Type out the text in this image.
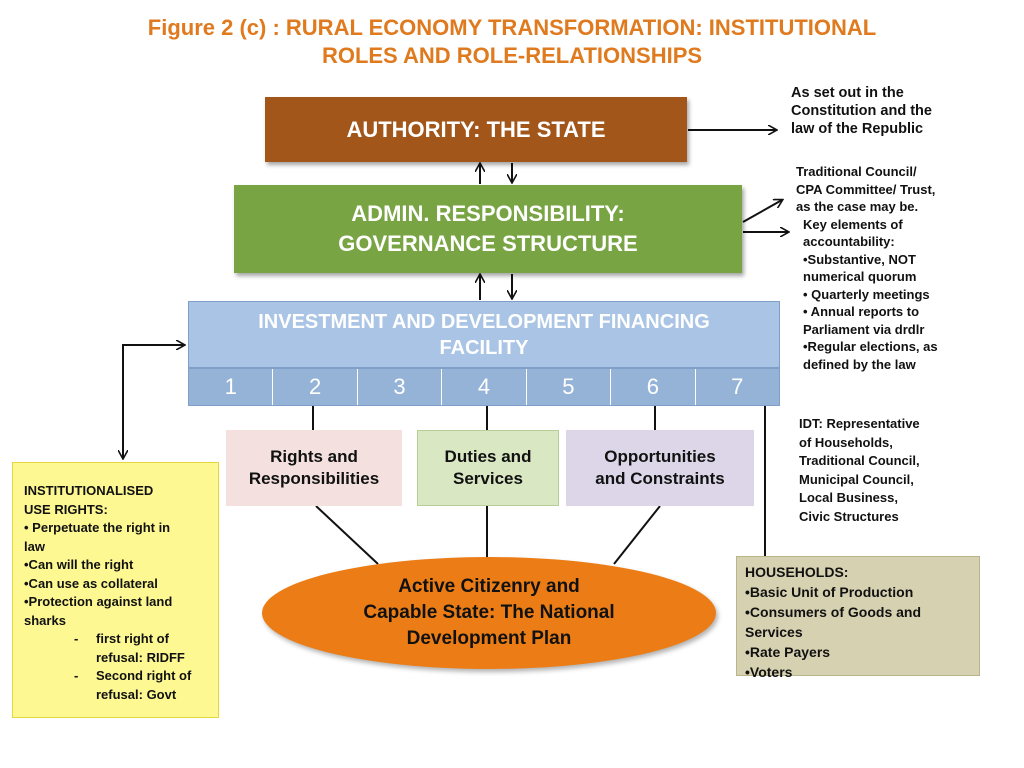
Figure 2 (c) : RURAL ECONOMY TRANSFORMATION: INSTITUTIONAL
ROLES AND ROLE-RELATIONSHIPS
AUTHORITY: THE STATE
ADMIN. RESPONSIBILITY:
GOVERNANCE STRUCTURE
INVESTMENT AND DEVELOPMENT FINANCING
FACILITY
1	2	3	4	5	6	7
Rights and
Responsibilities
Duties and
Services
Opportunities
and Constraints
Active Citizenry and
Capable State: The National
Development Plan
INSTITUTIONALISED
USE RIGHTS:
• Perpetuate the right in
law
•Can will the right
•Can use as collateral
•Protection against land
sharks
-	first right of
refusal: RIDFF
-	Second right of
refusal: Govt
HOUSEHOLDS:
•Basic Unit of Production
•Consumers of Goods and
Services
•Rate Payers
•Voters
As set out in the
Constitution and the
law of the Republic
Traditional Council/
CPA Committee/ Trust,
as the case may be.
Key elements of
accountability:
•Substantive, NOT
numerical quorum
• Quarterly meetings
• Annual reports to
Parliament via drdlr
•Regular elections, as
defined by the law
IDT: Representative
of Households,
Traditional Council,
Municipal Council,
Local Business,
Civic Structures
